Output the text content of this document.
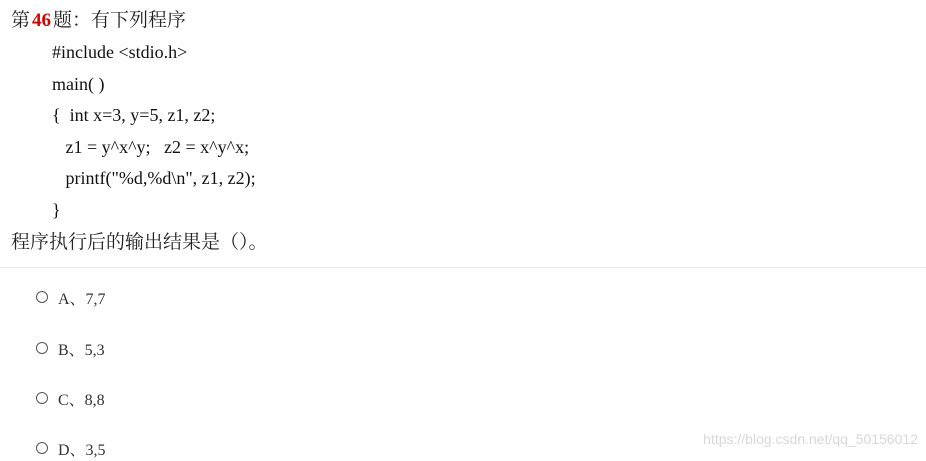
第 46 题：有下列程序
#include <stdio.h>
main( )
{  int x=3, y=5, z1, z2;
z1 = y^x^y;   z2 = x^y^x;
printf("%d,%d\n", z1, z2);
}
程序执行后的输出结果是（）。
A、7,7
B、5,3
C、8,8
D、3,5
https://blog.csdn.net/qq_50156012
